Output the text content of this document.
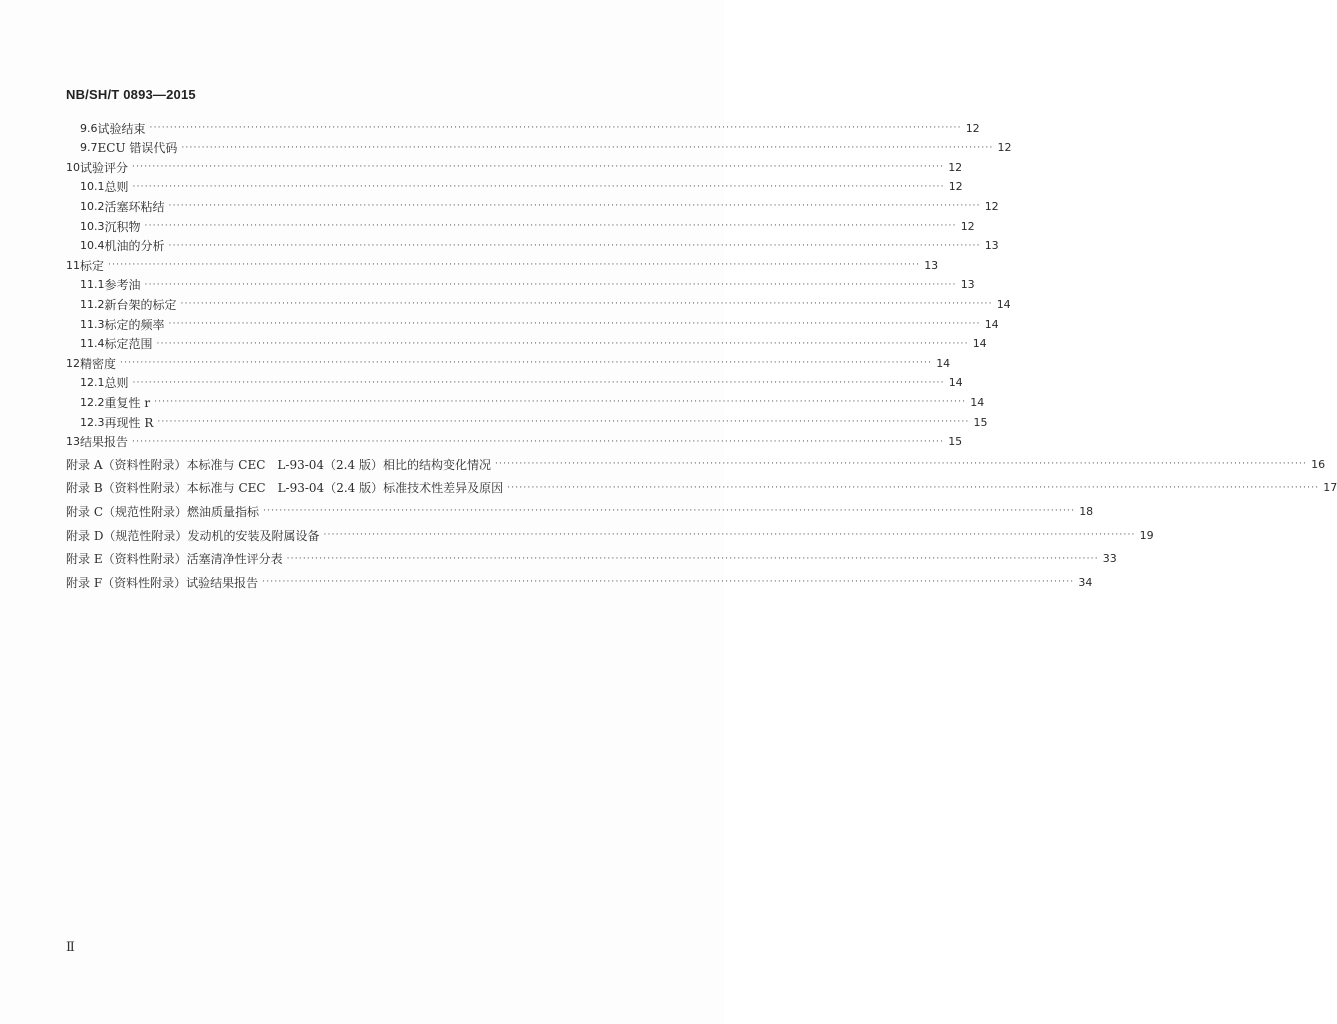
NB/SH/T 0893—2015
9.6 试验结束 ········································································································································································································ 12
9.7 ECU 错误代码 ········································································································································································································ 12
10 试验评分 ········································································································································································································ 12
10.1 总则 ········································································································································································································ 12
10.2 活塞环粘结 ········································································································································································································ 12
10.3 沉积物 ········································································································································································································ 12
10.4 机油的分析 ········································································································································································································ 13
11 标定 ········································································································································································································ 13
11.1 参考油 ········································································································································································································ 13
11.2 新台架的标定 ········································································································································································································ 14
11.3 标定的频率 ········································································································································································································ 14
11.4 标定范围 ········································································································································································································ 14
12 精密度 ········································································································································································································ 14
12.1 总则 ········································································································································································································ 14
12.2 重复性 r ········································································································································································································ 14
12.3 再现性 R ········································································································································································································ 15
13 结果报告 ········································································································································································································ 15
附录 A（资料性附录） 本标准与 CEC　L-93-04（2.4 版）相比的结构变化情况 ········································································································································································································ 16
附录 B（资料性附录） 本标准与 CEC　L-93-04（2.4 版）标准技术性差异及原因 ········································································································································································································ 17
附录 C（规范性附录） 燃油质量指标 ········································································································································································································ 18
附录 D（规范性附录） 发动机的安装及附属设备 ········································································································································································································ 19
附录 E（资料性附录） 活塞清净性评分表 ········································································································································································································ 33
附录 F（资料性附录） 试验结果报告 ········································································································································································································ 34
Ⅱ
